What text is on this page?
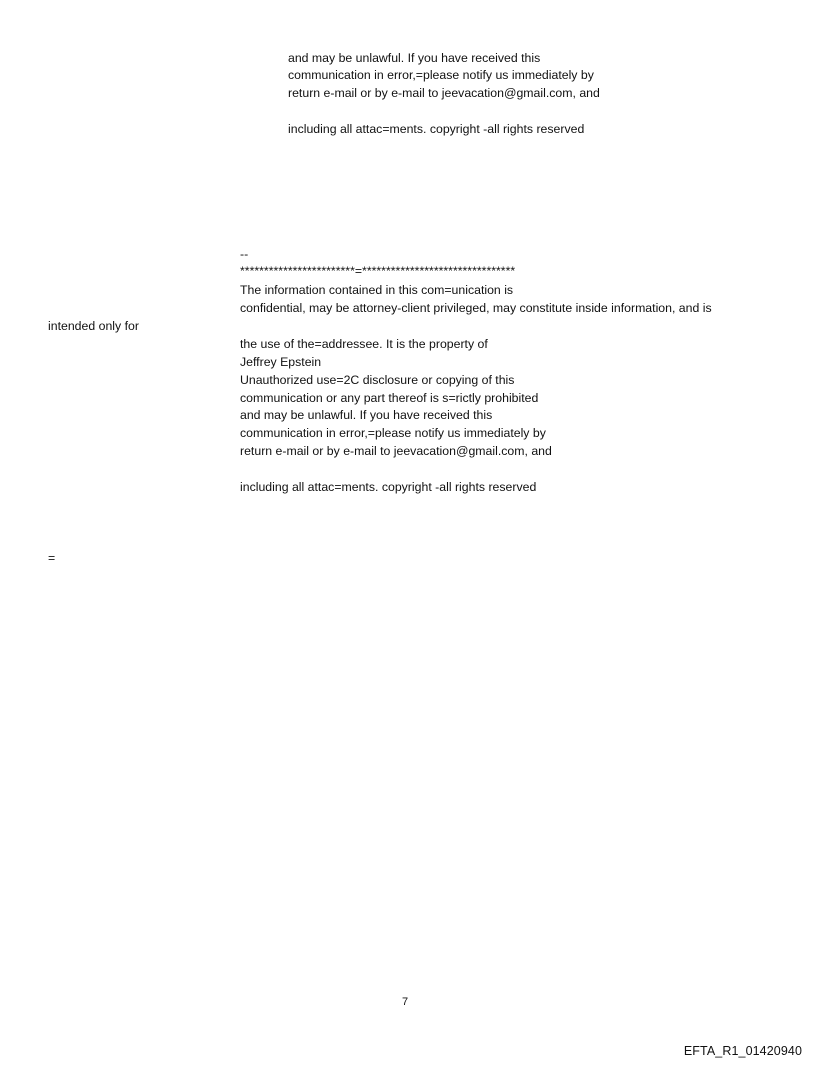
and may be unlawful. If you have received this
communication in error,=please notify us immediately by
return e-mail or by e-mail to jeevacation@gmail.com, and
including all attac=ments. copyright -all rights reserved
--
************************=********************************
The information contained in this com=unication is
confidential, may be attorney-client privileged, may constitute inside information, and is
intended only for
the use of the=addressee. It is the property of
Jeffrey Epstein
Unauthorized use=2C disclosure or copying of this
communication or any part thereof is s=rictly prohibited
and may be unlawful. If you have received this
communication in error,=please notify us immediately by
return e-mail or by e-mail to jeevacation@gmail.com, and
including all attac=ments. copyright -all rights reserved
=
7
EFTA_R1_01420940
